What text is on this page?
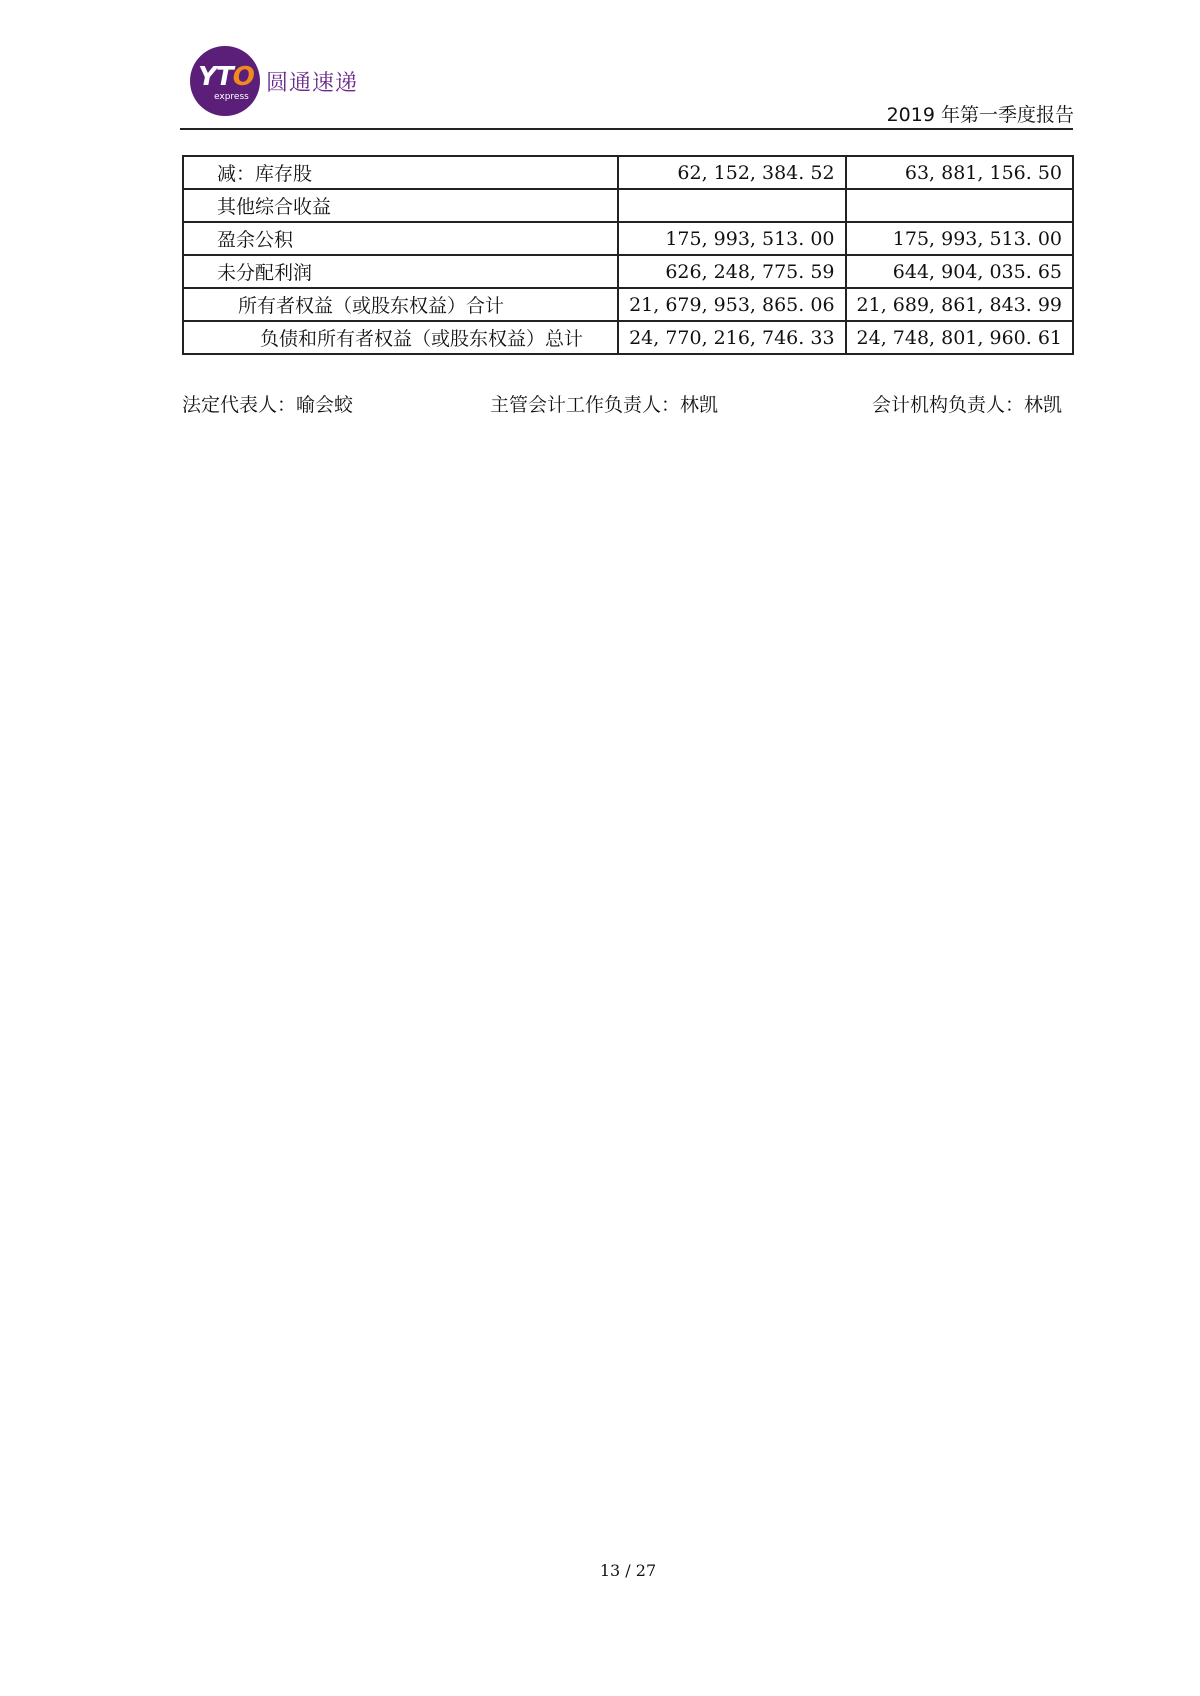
YTO
express
圆通速递
2019 年第一季度报告
减：库存股	62, 152, 384. 52	63, 881, 156. 50
其他综合收益		
盈余公积	175, 993, 513. 00	175, 993, 513. 00
未分配利润	626, 248, 775. 59	644, 904, 035. 65
所有者权益（或股东权益）合计	21, 679, 953, 865. 06	21, 689, 861, 843. 99
负债和所有者权益（或股东权益）总计	24, 770, 216, 746. 33	24, 748, 801, 960. 61
法定代表人：喻会蛟	主管会计工作负责人：林凯	会计机构负责人：林凯
13 / 27
